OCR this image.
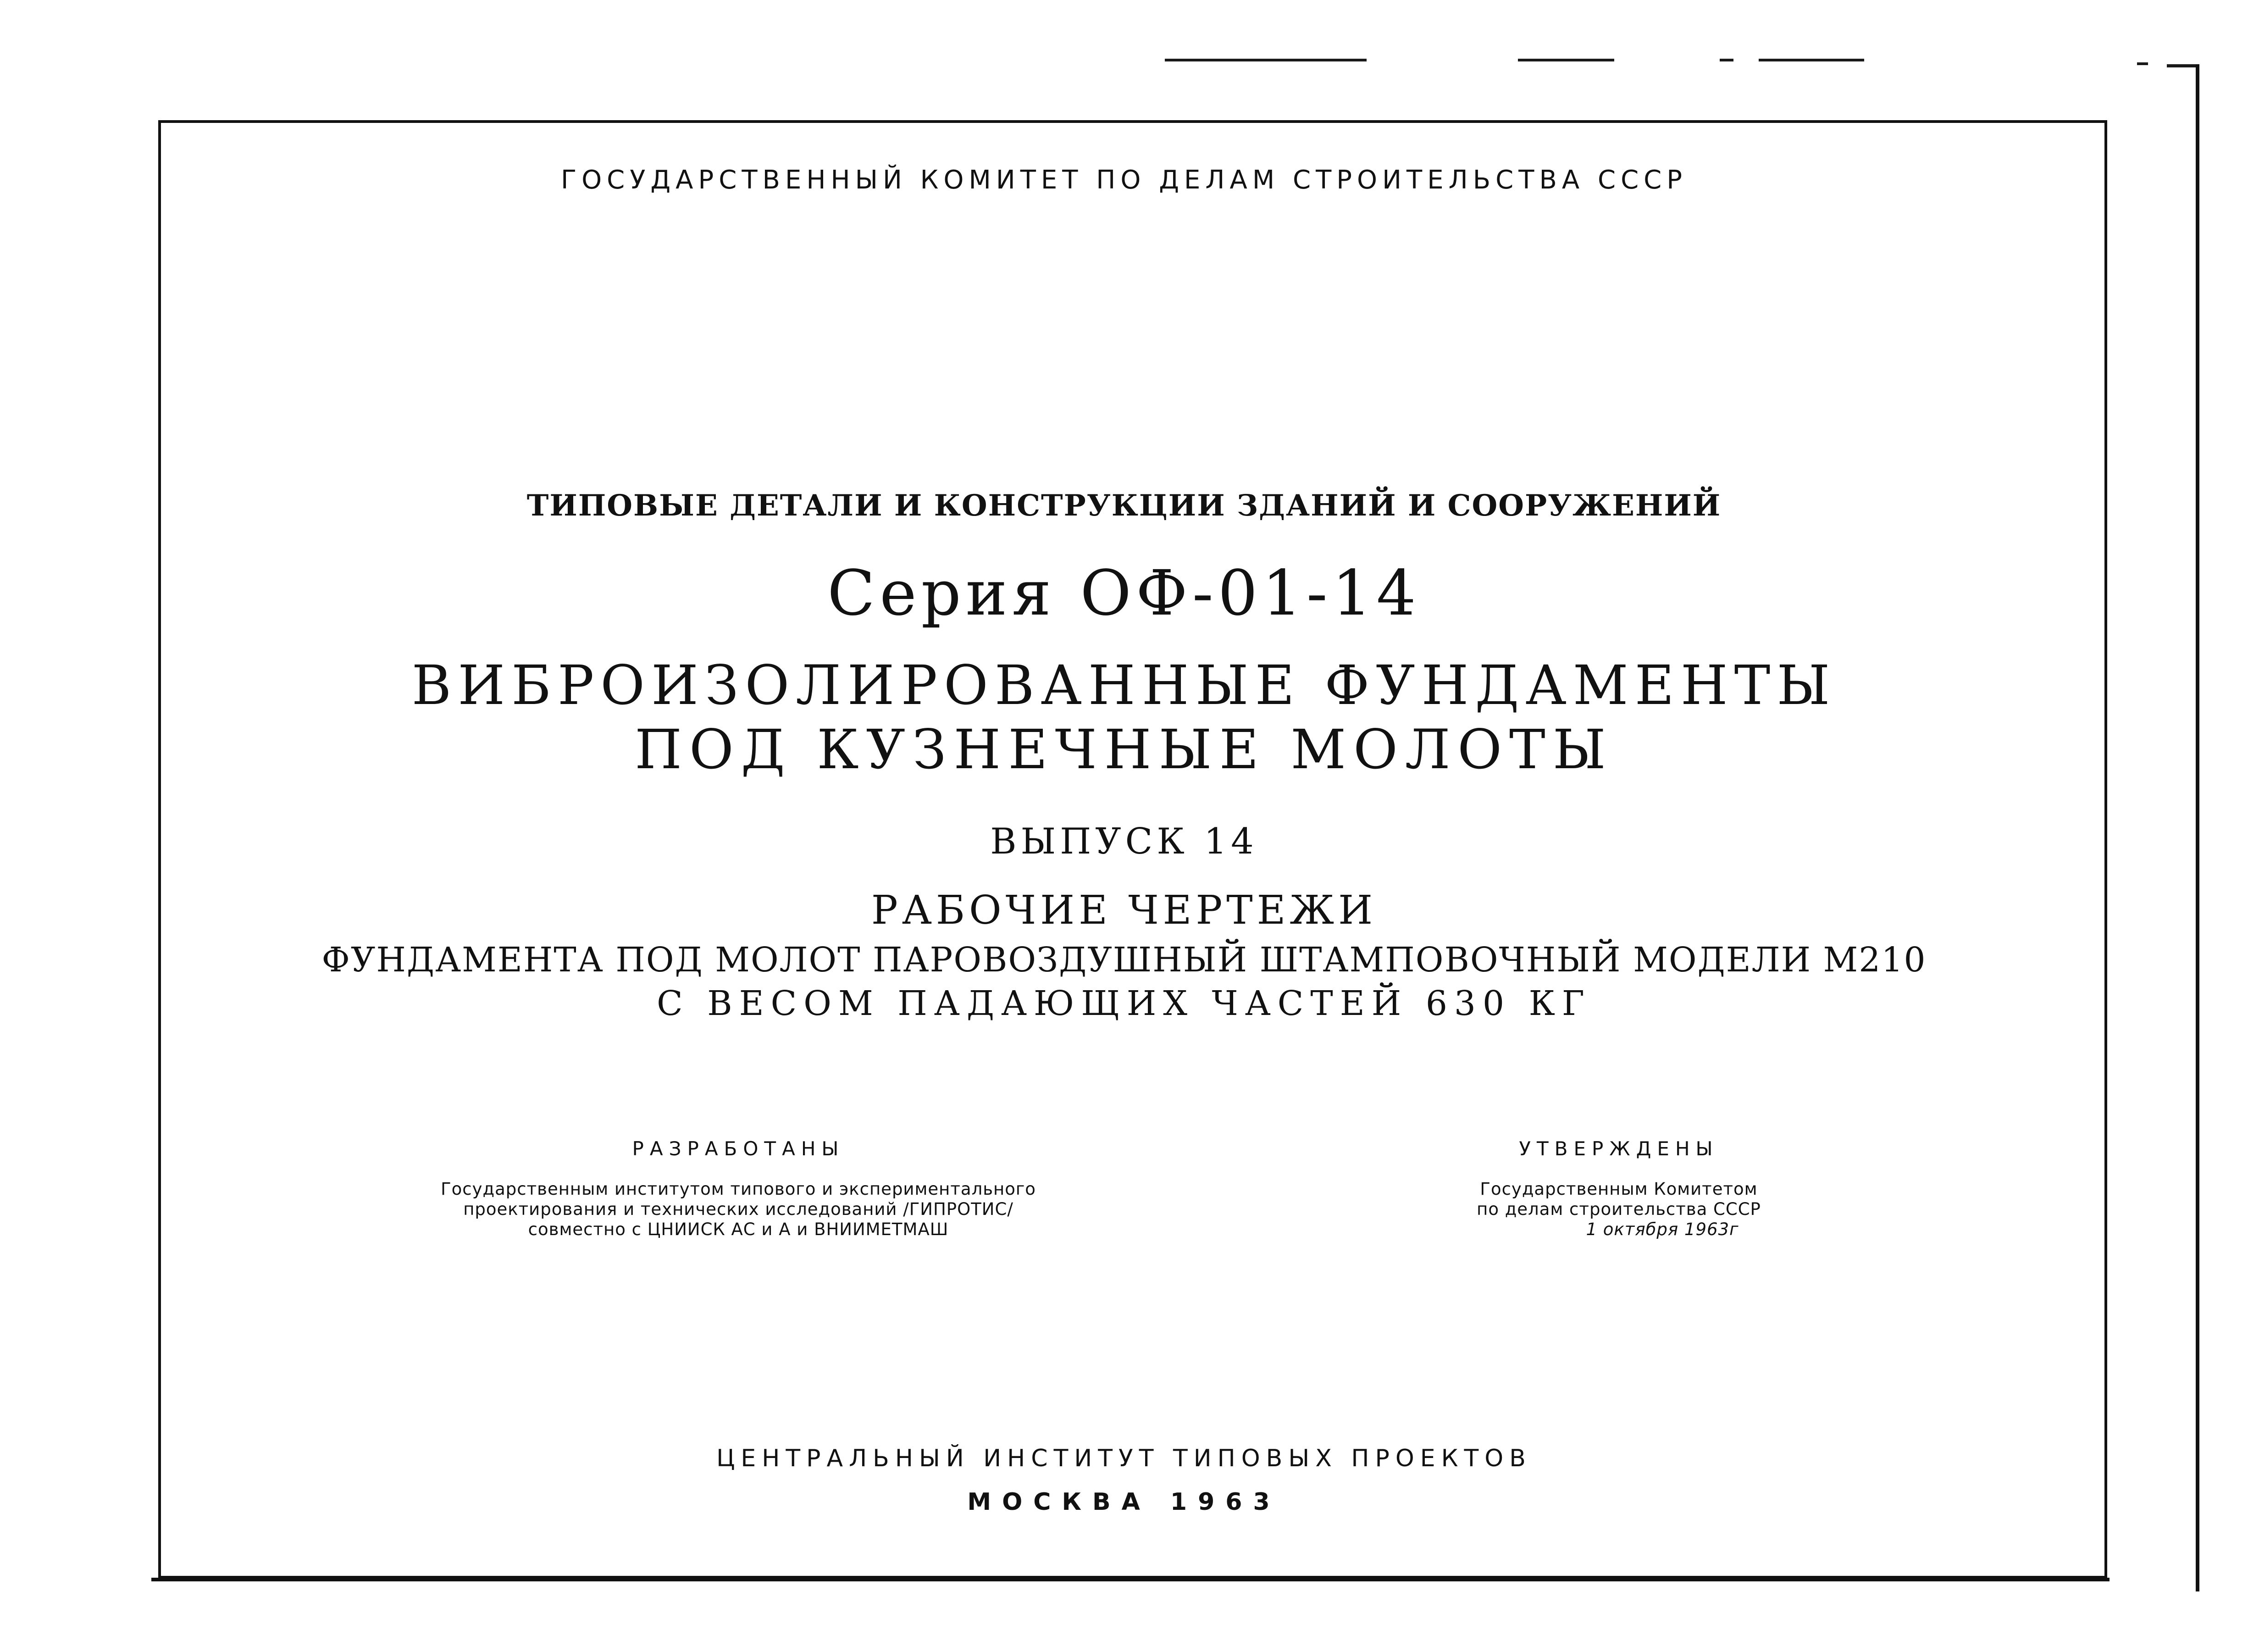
ГОСУДАРСТВЕННЫЙ КОМИТЕТ ПО ДЕЛАМ СТРОИТЕЛЬСТВА СССР
ТИПОВЫЕ ДЕТАЛИ И КОНСТРУКЦИИ ЗДАНИЙ И СООРУЖЕНИЙ
Серия ОФ-01-14
ВИБРОИЗОЛИРОВАННЫЕ ФУНДАМЕНТЫ
ПОД КУЗНЕЧНЫЕ МОЛОТЫ
ВЫПУСК 14
РАБОЧИЕ ЧЕРТЕЖИ
ФУНДАМЕНТА ПОД МОЛОТ ПАРОВОЗДУШНЫЙ ШТАМПОВОЧНЫЙ МОДЕЛИ М210
С ВЕСОМ ПАДАЮЩИХ ЧАСТЕЙ 630 КГ
РАЗРАБОТАНЫ
Государственным институтом типового и экспериментального
проектирования и технических исследований /ГИПРОТИС/
совместно с ЦНИИСК АС и А и ВНИИМЕТМАШ
УТВЕРЖДЕНЫ
Государственным Комитетом
по делам строительства СССР
1 октября 1963г
ЦЕНТРАЛЬНЫЙ ИНСТИТУТ ТИПОВЫХ ПРОЕКТОВ
МОСКВА 1963
